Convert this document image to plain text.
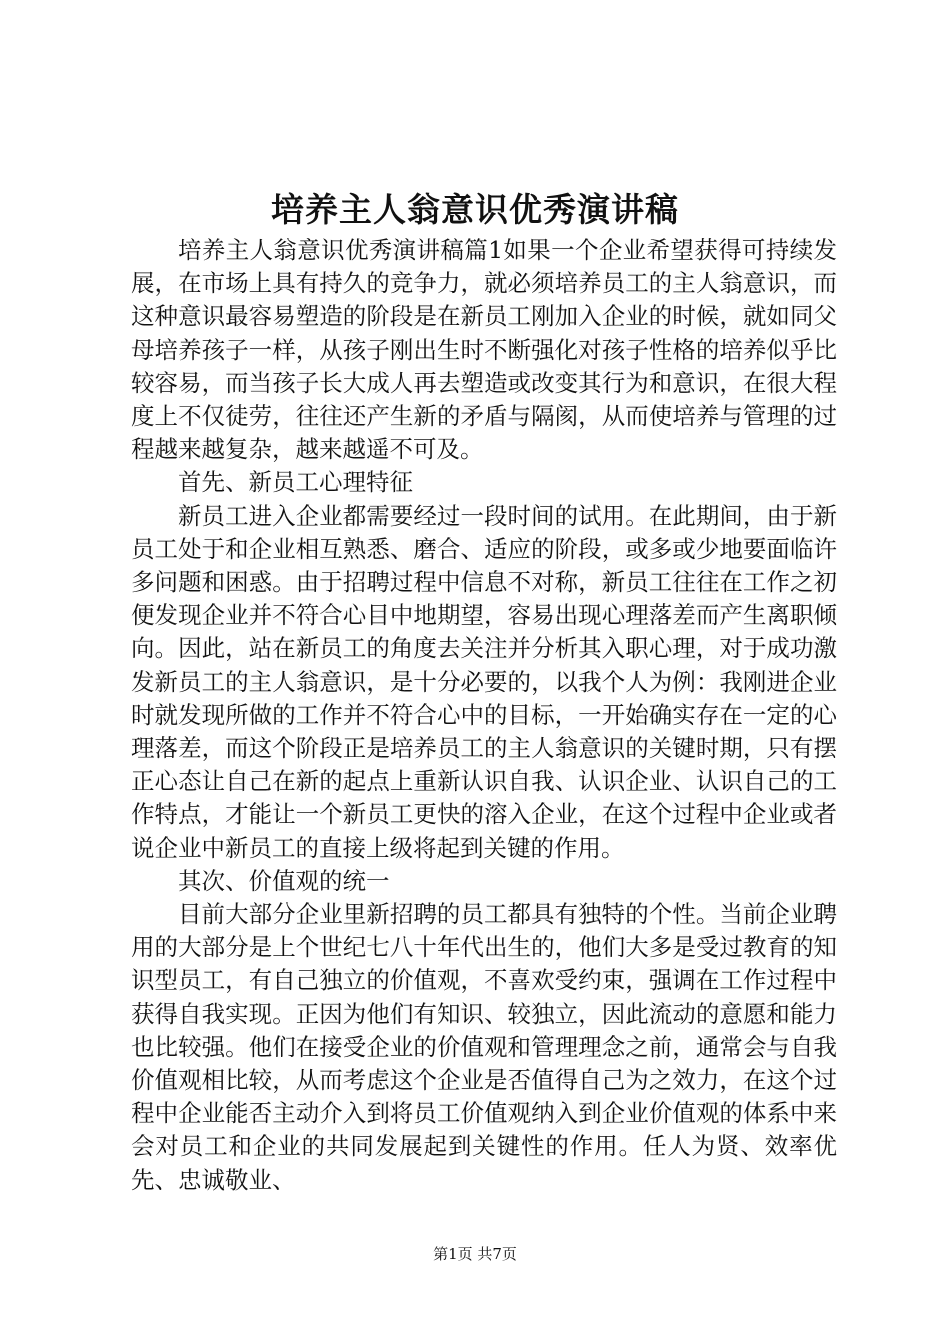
培养主人翁意识优秀演讲稿

培养主人翁意识优秀演讲稿篇1如果一个企业希望获得可持续发展，在市场上具有持久的竞争力，就必须培养员工的主人翁意识，而这种意识最容易塑造的阶段是在新员工刚加入企业的时候，就如同父母培养孩子一样，从孩子刚出生时不断强化对孩子性格的培养似乎比较容易，而当孩子长大成人再去塑造或改变其行为和意识，在很大程度上不仅徒劳，往往还产生新的矛盾与隔阂，从而使培养与管理的过程越来越复杂，越来越遥不可及。

首先、新员工心理特征

新员工进入企业都需要经过一段时间的试用。在此期间，由于新员工处于和企业相互熟悉、磨合、适应的阶段，或多或少地要面临许多问题和困惑。由于招聘过程中信息不对称，新员工往往在工作之初便发现企业并不符合心目中地期望，容易出现心理落差而产生离职倾向。因此，站在新员工的角度去关注并分析其入职心理，对于成功激发新员工的主人翁意识，是十分必要的，以我个人为例：我刚进企业时就发现所做的工作并不符合心中的目标，一开始确实存在一定的心理落差，而这个阶段正是培养员工的主人翁意识的关键时期，只有摆正心态让自己在新的起点上重新认识自我、认识企业、认识自己的工作特点，才能让一个新员工更快的溶入企业，在这个过程中企业或者说企业中新员工的直接上级将起到关键的作用。

其次、价值观的统一

目前大部分企业里新招聘的员工都具有独特的个性。当前企业聘用的大部分是上个世纪七八十年代出生的，他们大多是受过教育的知识型员工，有自己独立的价值观，不喜欢受约束，强调在工作过程中获得自我实现。正因为他们有知识、较独立，因此流动的意愿和能力也比较强。他们在接受企业的价值观和管理理念之前，通常会与自我价值观相比较，从而考虑这个企业是否值得自己为之效力，在这个过程中企业能否主动介入到将员工价值观纳入到企业价值观的体系中来会对员工和企业的共同发展起到关键性的作用。任人为贤、效率优先、忠诚敬业、

第1页 共7页
